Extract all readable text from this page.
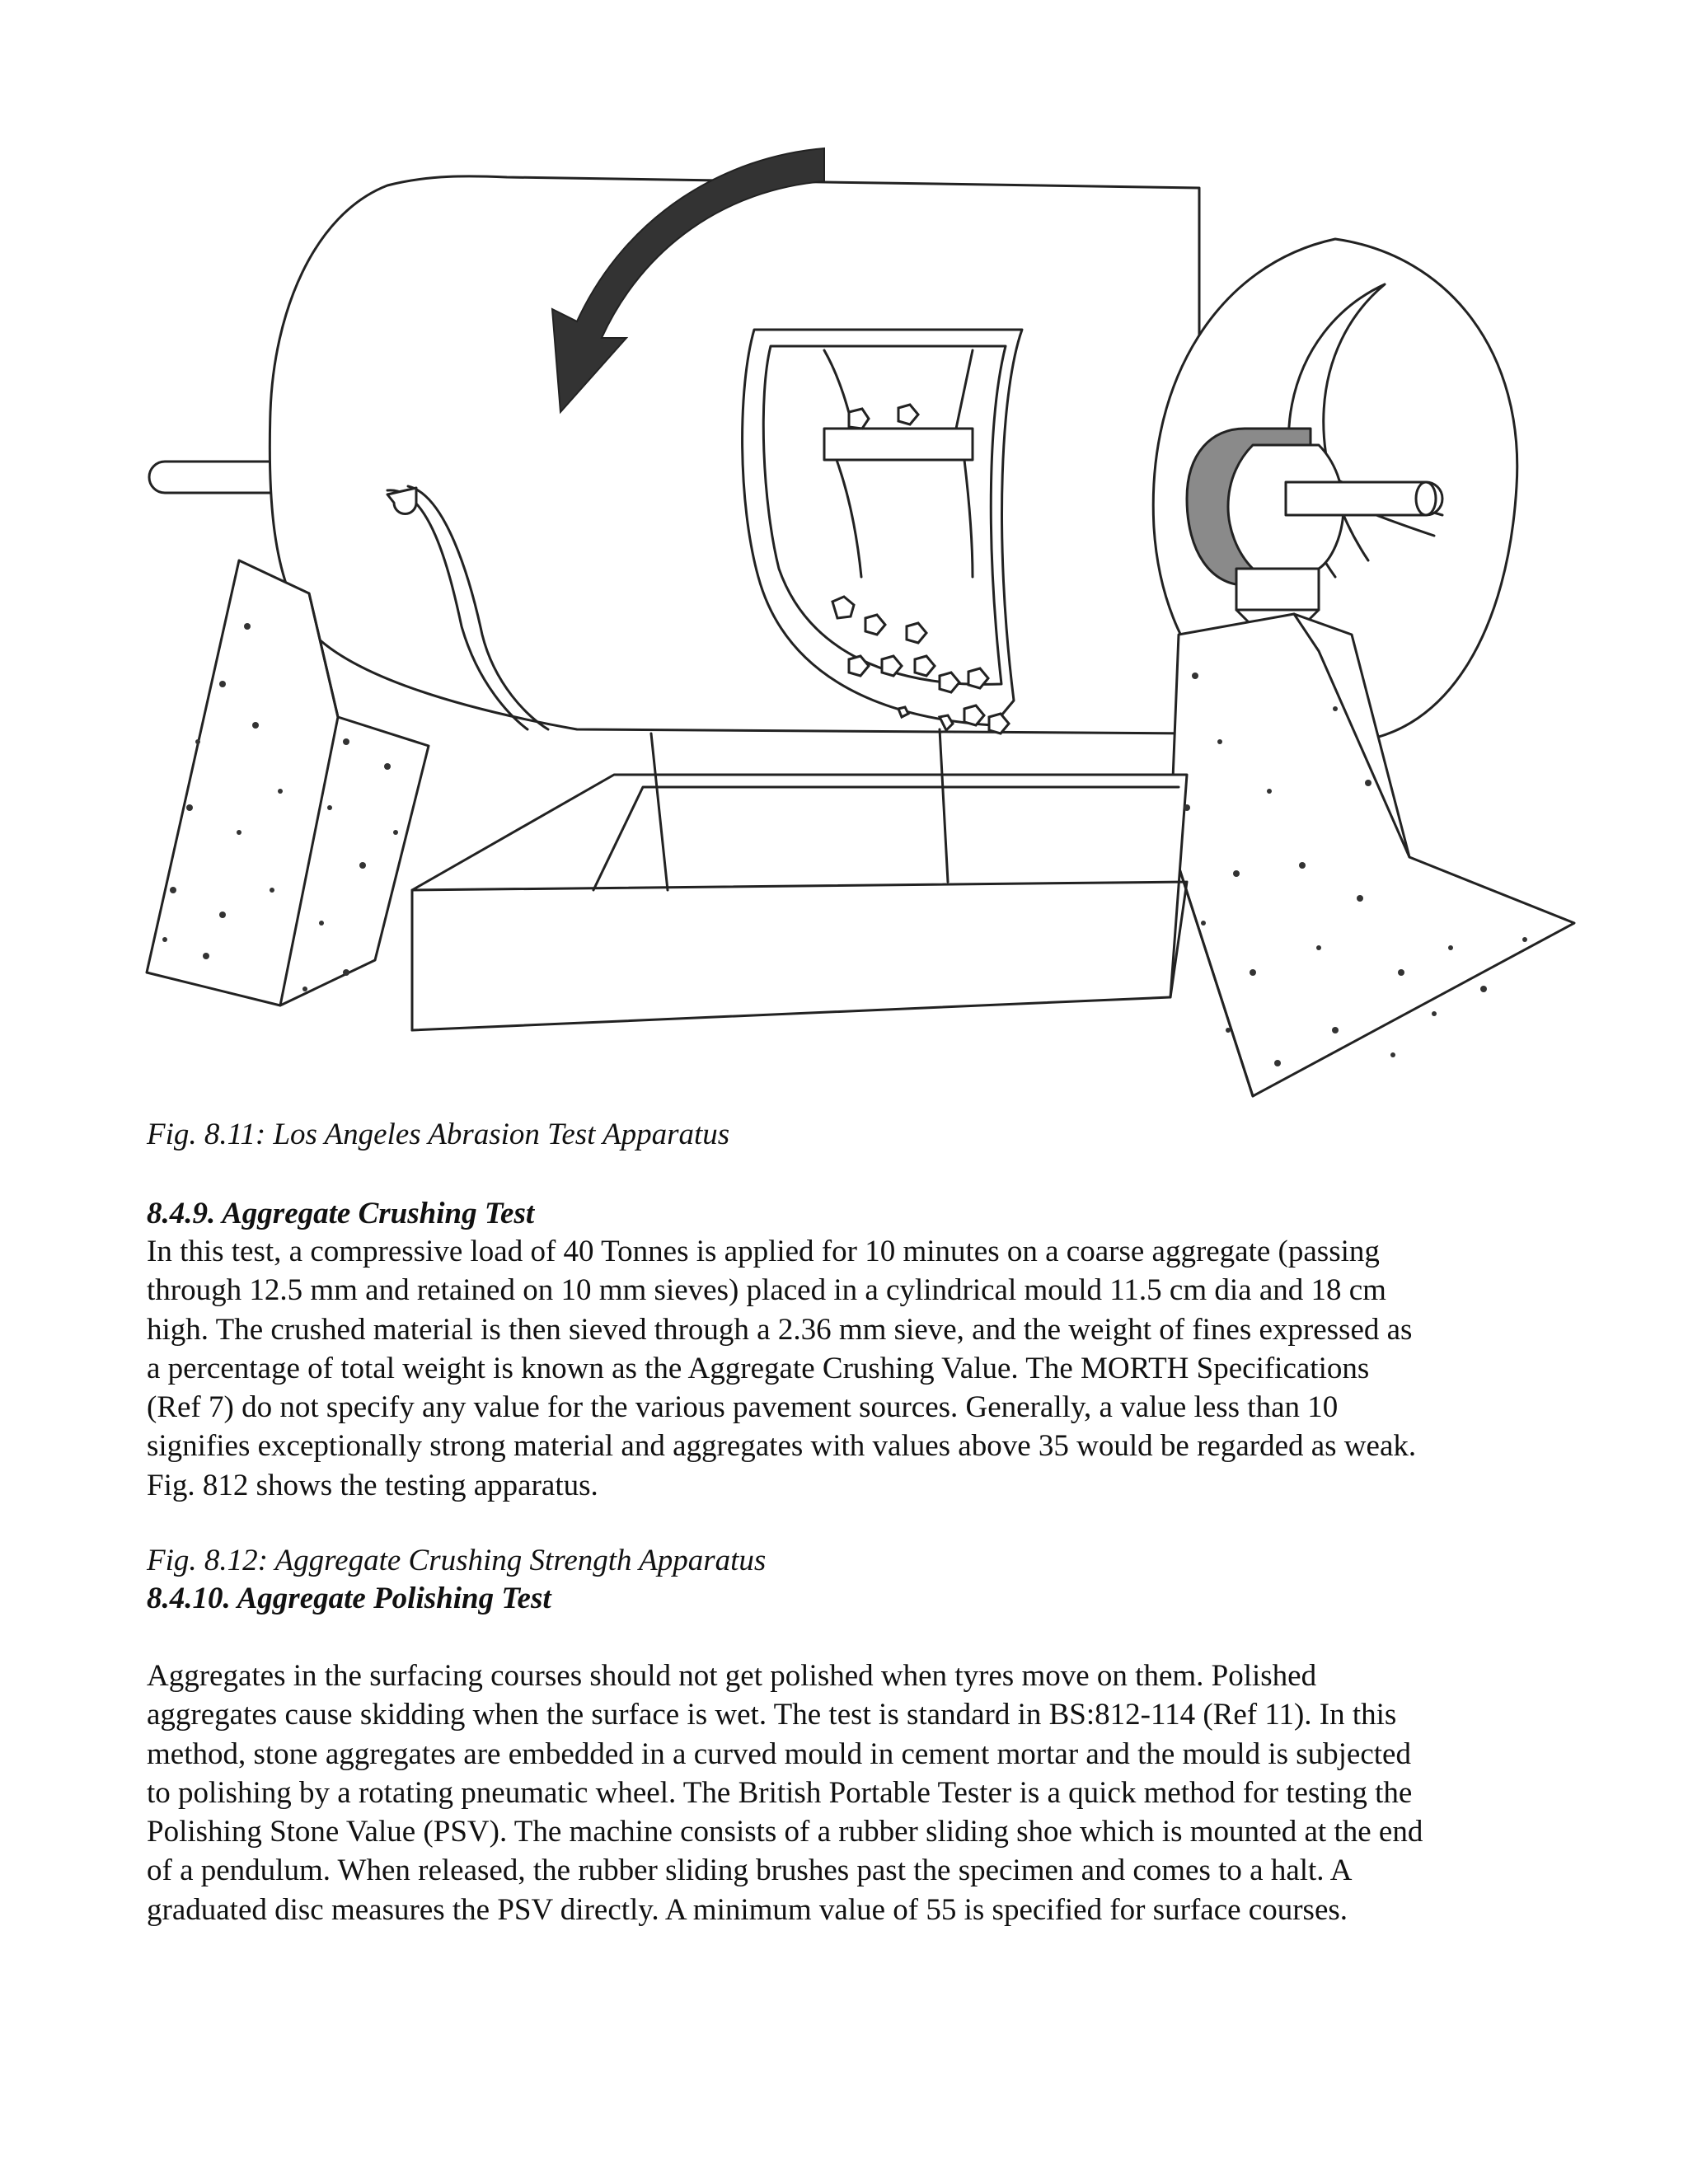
Fig. 8.11: Los Angeles Abrasion Test Apparatus
8.4.9. Aggregate Crushing Test
In this test, a compressive load of 40 Tonnes is applied for 10 minutes on a coarse aggregate (passing
through 12.5 mm and retained on 10 mm sieves) placed in a cylindrical mould 11.5 cm dia and 18 cm
high. The crushed material is then sieved through a 2.36 mm sieve, and the weight of fines expressed as
a percentage of total weight is known as the Aggregate Crushing Value. The MORTH Specifications
(Ref 7) do not specify any value for the various pavement sources. Generally, a value less than 10
signifies exceptionally strong material and aggregates with values above 35 would be regarded as weak.
Fig. 812 shows the testing apparatus.
Fig. 8.12: Aggregate Crushing Strength Apparatus
8.4.10. Aggregate Polishing Test
Aggregates in the surfacing courses should not get polished when tyres move on them. Polished
aggregates cause skidding when the surface is wet. The test is standard in BS:812-114 (Ref 11). In this
method, stone aggregates are embedded in a curved mould in cement mortar and the mould is subjected
to polishing by a rotating pneumatic wheel. The British Portable Tester is a quick method for testing the
Polishing Stone Value (PSV). The machine consists of a rubber sliding shoe which is mounted at the end
of a pendulum. When released, the rubber sliding brushes past the specimen and comes to a halt. A
graduated disc measures the PSV directly. A minimum value of 55 is specified for surface courses.
